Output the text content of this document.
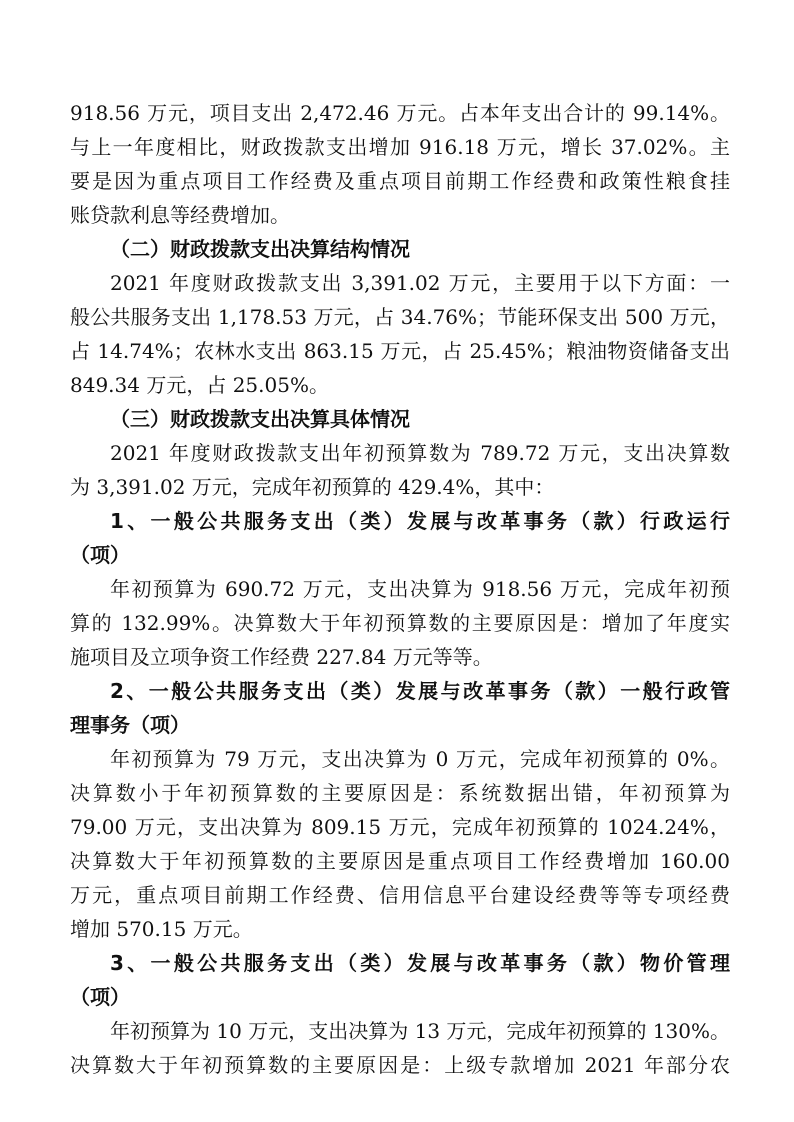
918.56 万元，项目支出 2,472.46 万元。占本年支出合计的 99.14%。
与上一年度相比，财政拨款支出增加 916.18 万元，增长 37.02%。主
要是因为重点项目工作经费及重点项目前期工作经费和政策性粮食挂
账贷款利息等经费增加。
（二）财政拨款支出决算结构情况
2021 年度财政拨款支出 3,391.02 万元，主要用于以下方面：一
般公共服务支出 1,178.53 万元，占 34.76%；节能环保支出 500 万元，
占 14.74%；农林水支出 863.15 万元，占 25.45%；粮油物资储备支出
849.34 万元，占 25.05%。
（三）财政拨款支出决算具体情况
2021 年度财政拨款支出年初预算数为 789.72 万元，支出决算数
为 3,391.02 万元，完成年初预算的 429.4%，其中：
1、一般公共服务支出（类）发展与改革事务（款）行政运行
（项）
年初预算为 690.72 万元，支出决算为 918.56 万元，完成年初预
算的 132.99%。决算数大于年初预算数的主要原因是：增加了年度实
施项目及立项争资工作经费 227.84 万元等等。
2、一般公共服务支出（类）发展与改革事务（款）一般行政管
理事务（项）
年初预算为 79 万元，支出决算为 0 万元，完成年初预算的 0%。
决算数小于年初预算数的主要原因是：系统数据出错，年初预算为
79.00 万元，支出决算为 809.15 万元，完成年初预算的 1024.24%，
决算数大于年初预算数的主要原因是重点项目工作经费增加 160.00
万元，重点项目前期工作经费、信用信息平台建设经费等等专项经费
增加 570.15 万元。
3、一般公共服务支出（类）发展与改革事务（款）物价管理
（项）
年初预算为 10 万元，支出决算为 13 万元，完成年初预算的 130%。
决算数大于年初预算数的主要原因是：上级专款增加 2021 年部分农
